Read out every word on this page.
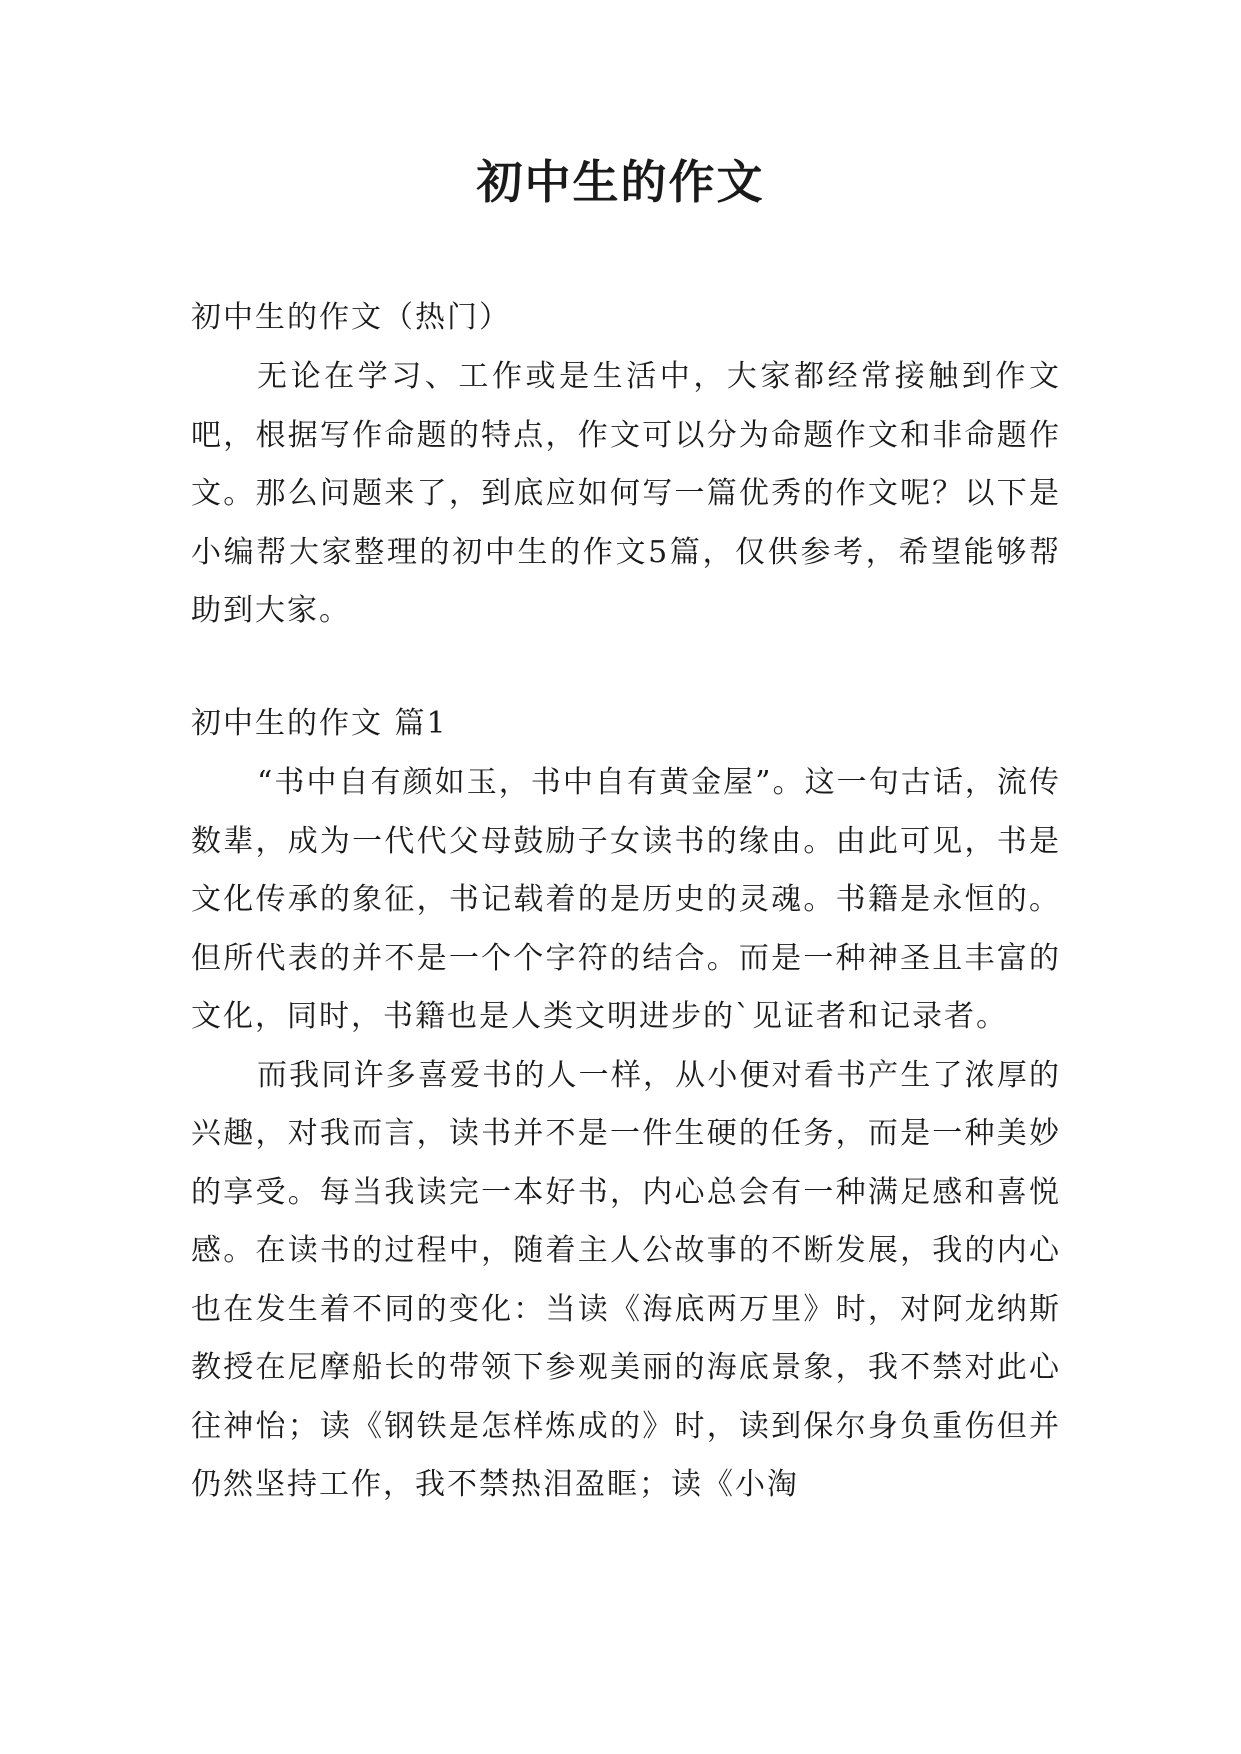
初中生的作文

初中生的作文（热门）

无论在学习、工作或是生活中，大家都经常接触到作文吧，根据写作命题的特点，作文可以分为命题作文和非命题作文。那么问题来了，到底应如何写一篇优秀的作文呢？以下是小编帮大家整理的初中生的作文5篇，仅供参考，希望能够帮助到大家。

初中生的作文 篇1

“书中自有颜如玉，书中自有黄金屋”。这一句古话，流传数辈，成为一代代父母鼓励子女读书的缘由。由此可见，书是文化传承的象征，书记载着的是历史的灵魂。书籍是永恒的。但所代表的并不是一个个字符的结合。而是一种神圣且丰富的文化，同时，书籍也是人类文明进步的`见证者和记录者。

而我同许多喜爱书的人一样，从小便对看书产生了浓厚的兴趣，对我而言，读书并不是一件生硬的任务，而是一种美妙的享受。每当我读完一本好书，内心总会有一种满足感和喜悦感。在读书的过程中，随着主人公故事的不断发展，我的内心也在发生着不同的变化：当读《海底两万里》时，对阿龙纳斯教授在尼摩船长的带领下参观美丽的海底景象，我不禁对此心往神怡；读《钢铁是怎样炼成的》时，读到保尔身负重伤但并仍然坚持工作，我不禁热泪盈眶；读《小淘
